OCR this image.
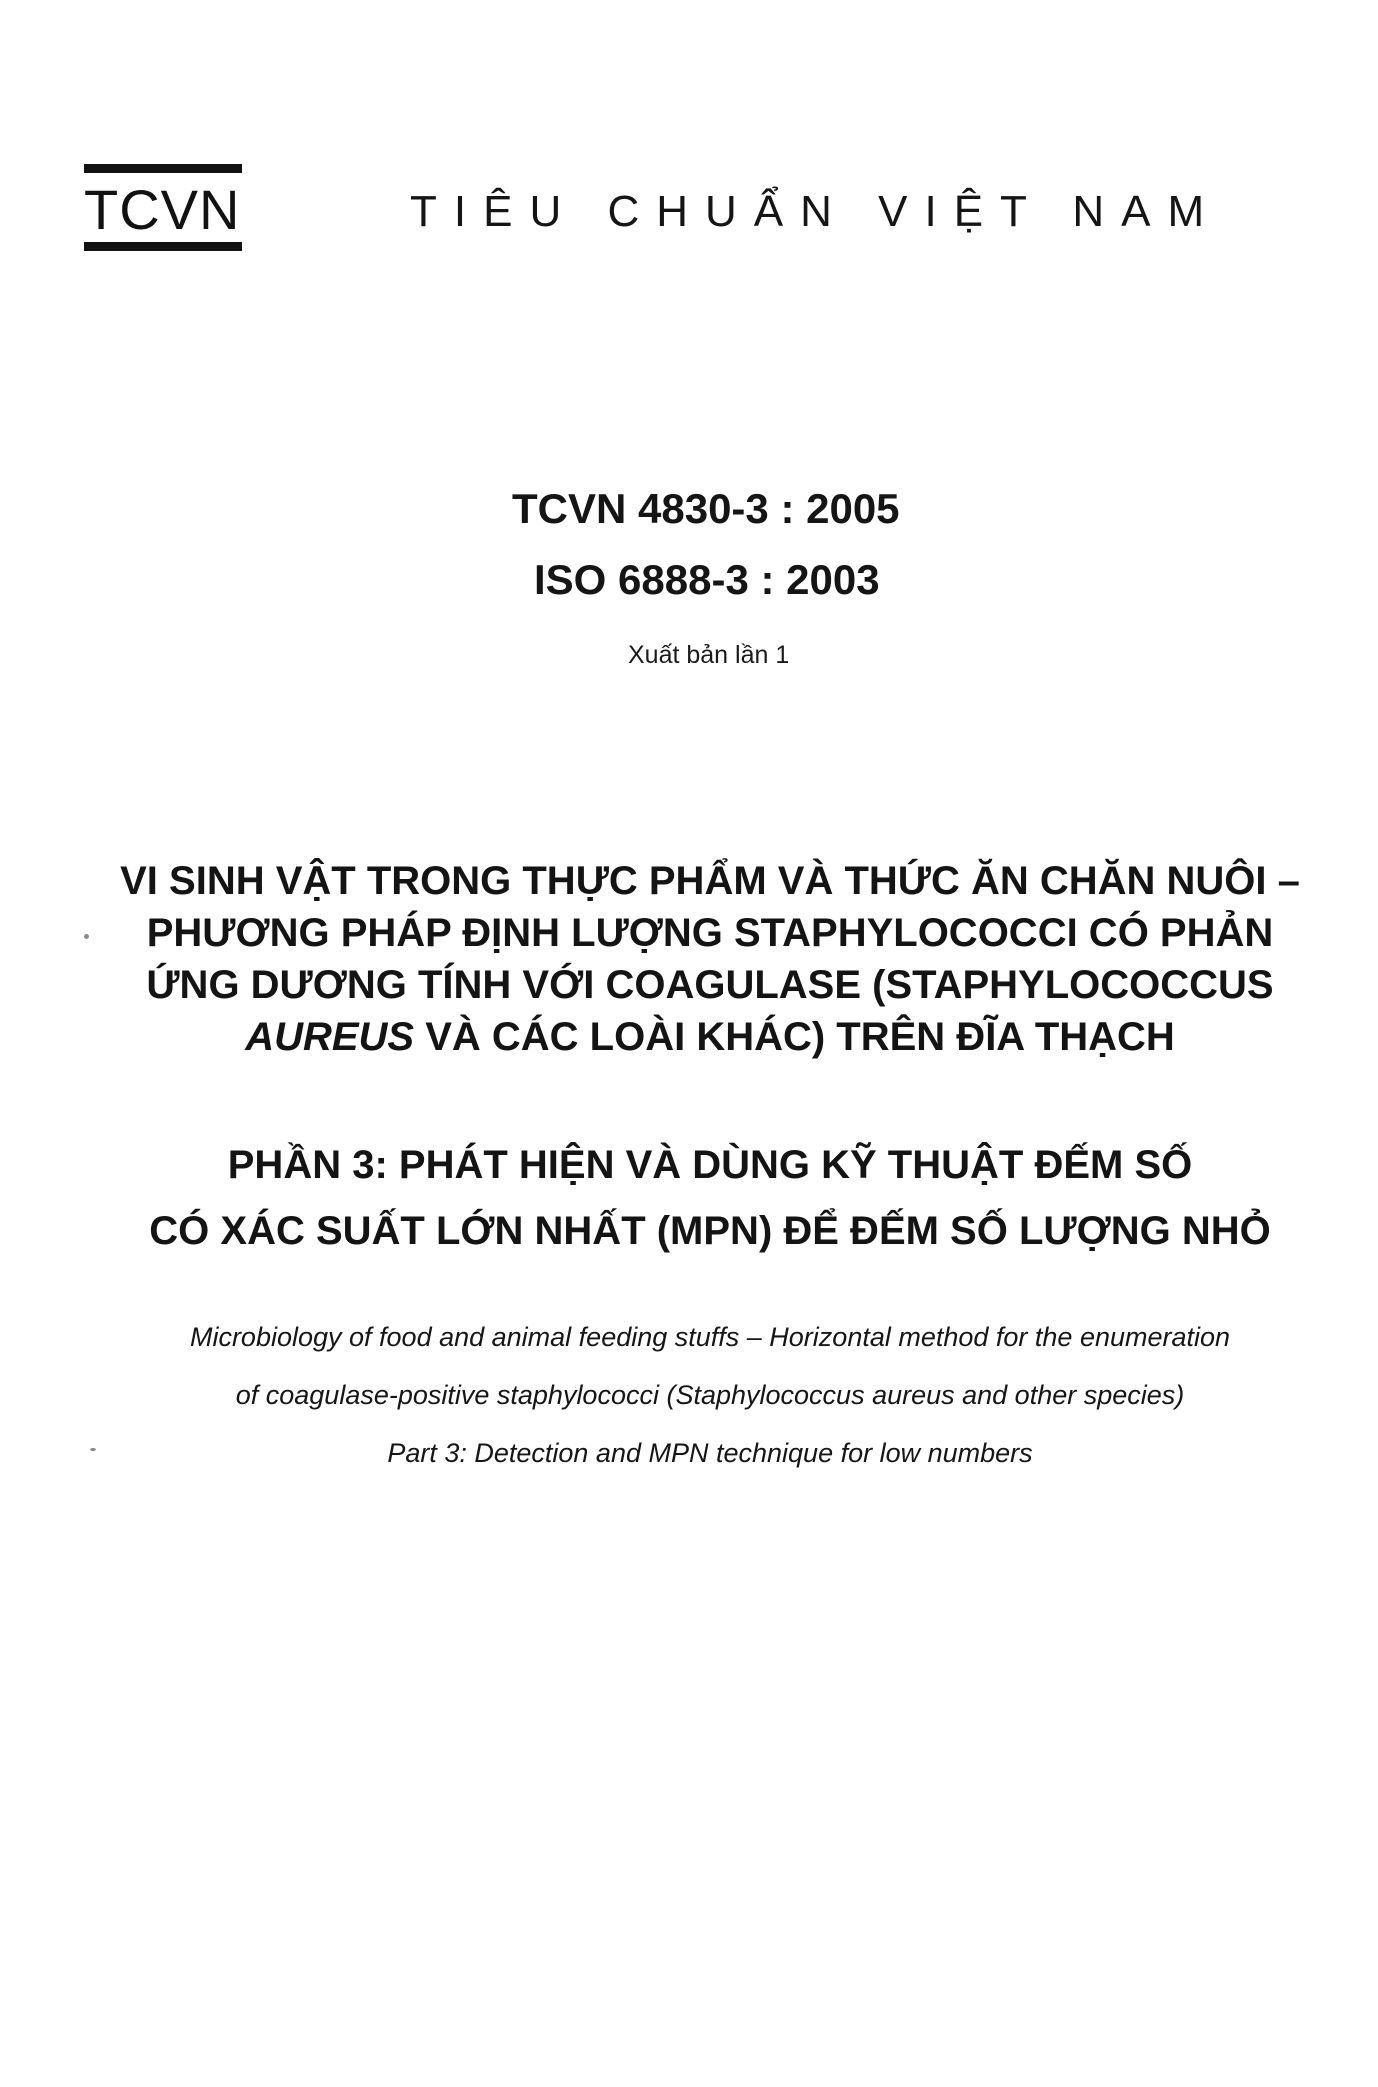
TCVN	TIÊU CHUẨN VIỆT NAM
TCVN 4830-3 : 2005
ISO 6888-3 : 2003
Xuất bản lần 1
VI SINH VẬT TRONG THỰC PHẨM VÀ THỨC ĂN CHĂN NUÔI –
PHƯƠNG PHÁP ĐỊNH LƯỢNG STAPHYLOCOCCI CÓ PHẢN
ỨNG DƯƠNG TÍNH VỚI COAGULASE (STAPHYLOCOCCUS
AUREUS VÀ CÁC LOÀI KHÁC) TRÊN ĐĨA THẠCH
PHẦN 3: PHÁT HIỆN VÀ DÙNG KỸ THUẬT ĐẾM SỐ
CÓ XÁC SUẤT LỚN NHẤT (MPN) ĐỂ ĐẾM SỐ LƯỢNG NHỎ
Microbiology of food and animal feeding stuffs – Horizontal method for the enumeration
of coagulase-positive staphylococci (Staphylococcus aureus and other species)
Part 3: Detection and MPN technique for low numbers
